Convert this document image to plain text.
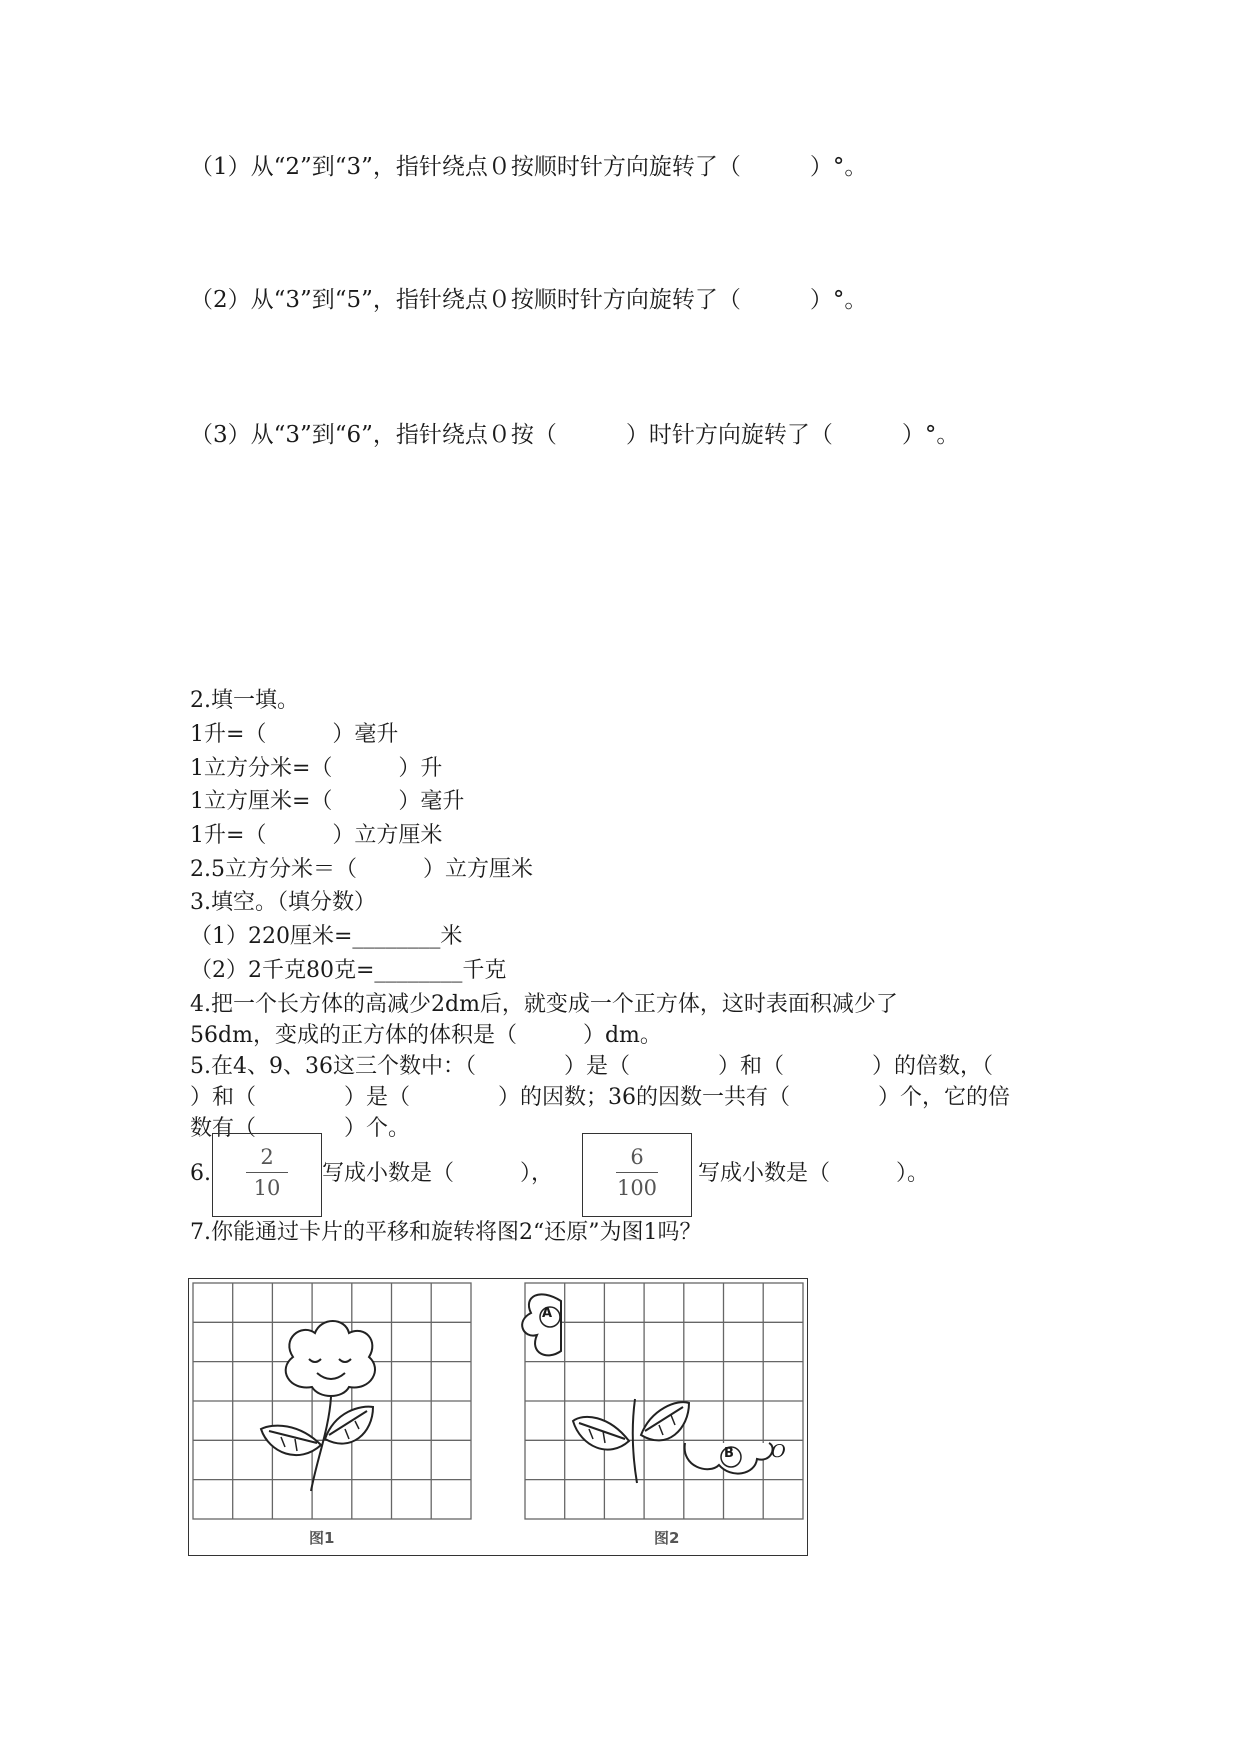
（1）从“2”到“3”，指针绕点０按顺时针方向旋转了（　　　）°。
（2）从“3”到“5”，指针绕点０按顺时针方向旋转了（　　　）°。
（3）从“3”到“6”，指针绕点０按（　　　）时针方向旋转了（　　　）°。
2.填一填。
1升=（　　　）毫升
1立方分米=（　　　）升
1立方厘米=（　　　）毫升
1升=（　　　）立方厘米
2.5立方分米＝（　　　）立方厘米
3.填空。（填分数）
（1）220厘米=________米
（2）2千克80克=________千克
4.把一个长方体的高减少2dm后，就变成一个正方体，这时表面积减少了
56dm，变成的正方体的体积是（　　　）dm。
5.在4、9、36这三个数中：（　　　　）是（　　　　）和（　　　　）的倍数，（
）和（　　　　）是（　　　　）的因数；36的因数一共有（　　　　）个，它的倍
数有（　　　　）个。
6.
2
10
写成小数是（　　　），
6
100
写成小数是（　　　）。
7.你能通过卡片的平移和旋转将图2“还原”为图1吗？
A
B O
图1	图2
